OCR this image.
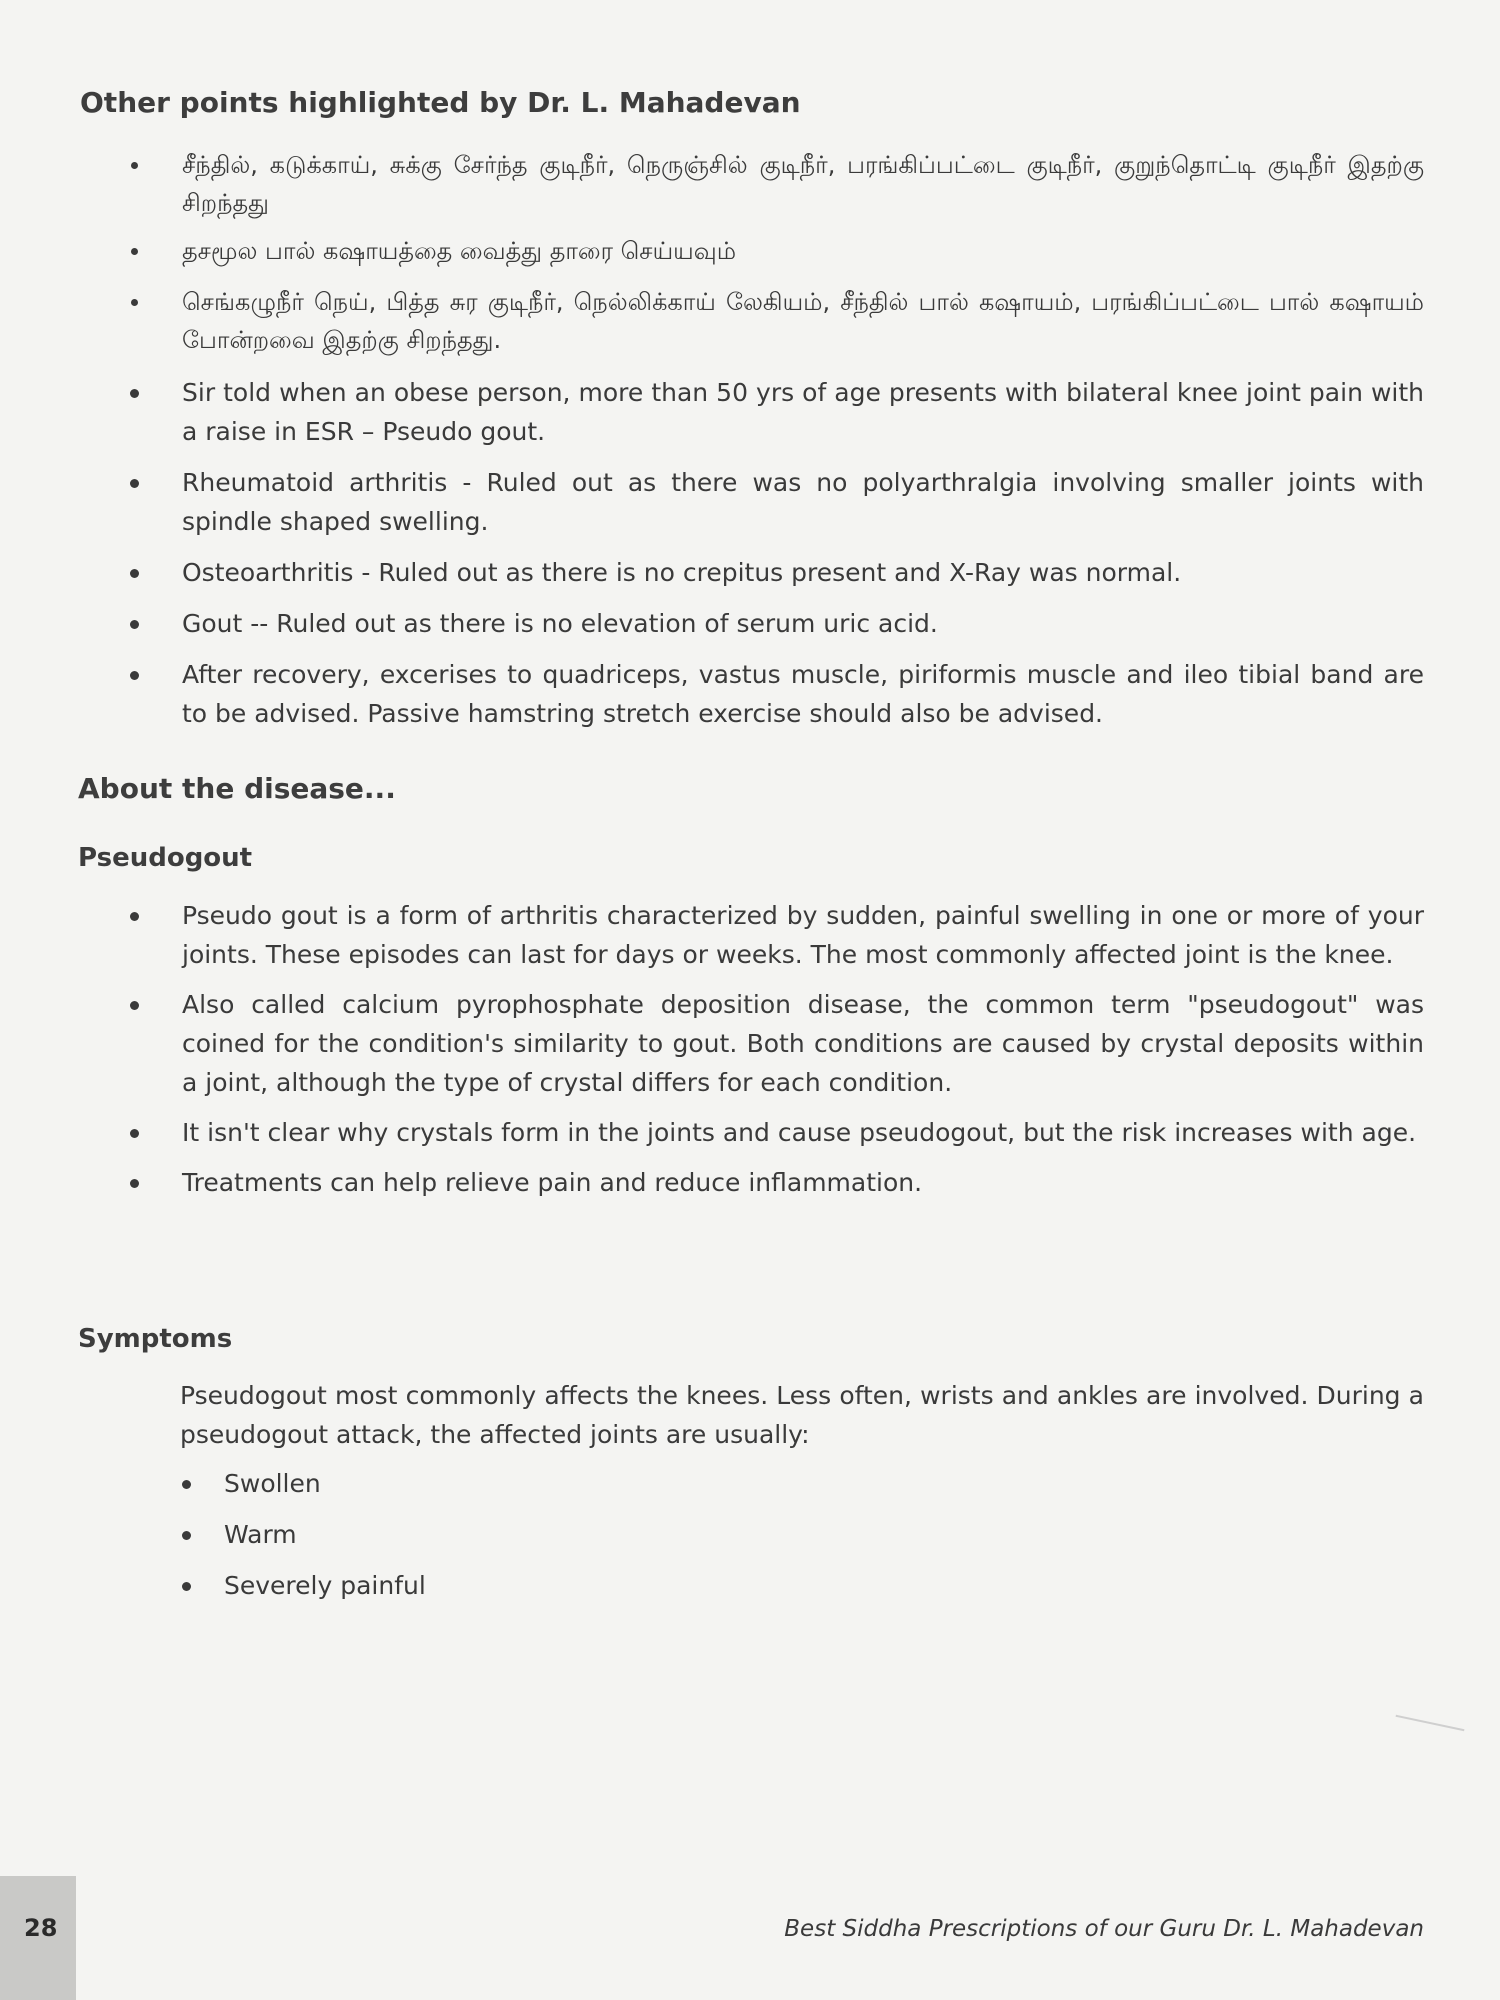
Other points highlighted by Dr. L. Mahadevan
சீந்தில், கடுக்காய், சுக்கு சேர்ந்த குடிநீர், நெருஞ்சில் குடிநீர், பரங்கிப்பட்டை குடிநீர், குறுந்தொட்டி குடிநீர் இதற்கு சிறந்தது
தசமூல பால் கஷாயத்தை வைத்து தாரை செய்யவும்
செங்கழுநீர் நெய், பித்த சுர குடிநீர், நெல்லிக்காய் லேகியம், சீந்தில் பால் கஷாயம், பரங்கிப்பட்டை பால் கஷாயம் போன்றவை இதற்கு சிறந்தது.
Sir told when an obese person, more than 50 yrs of age presents with bilateral knee joint pain with a raise in ESR – Pseudo gout.
Rheumatoid arthritis - Ruled out as there was no polyarthralgia involving smaller joints with spindle shaped swelling.
Osteoarthritis - Ruled out as there is no crepitus present and X-Ray was normal.
Gout -- Ruled out as there is no elevation of serum uric acid.
After recovery, excerises to quadriceps, vastus muscle, piriformis muscle and ileo tibial band are to be advised. Passive hamstring stretch exercise should also be advised.
About the disease...
Pseudogout
Pseudo gout is a form of arthritis characterized by sudden, painful swelling in one or more of your joints. These episodes can last for days or weeks. The most commonly affected joint is the knee.
Also called calcium pyrophosphate deposition disease, the common term "pseudogout" was coined for the condition's similarity to gout. Both conditions are caused by crystal deposits within a joint, although the type of crystal differs for each condition.
It isn't clear why crystals form in the joints and cause pseudogout, but the risk increases with age.
Treatments can help relieve pain and reduce inflammation.
Symptoms

Pseudogout most commonly affects the knees. Less often, wrists and ankles are involved. During a pseudogout attack, the affected joints are usually:

Swollen
Warm
Severely painful
28	Best Siddha Prescriptions of our Guru Dr. L. Mahadevan
